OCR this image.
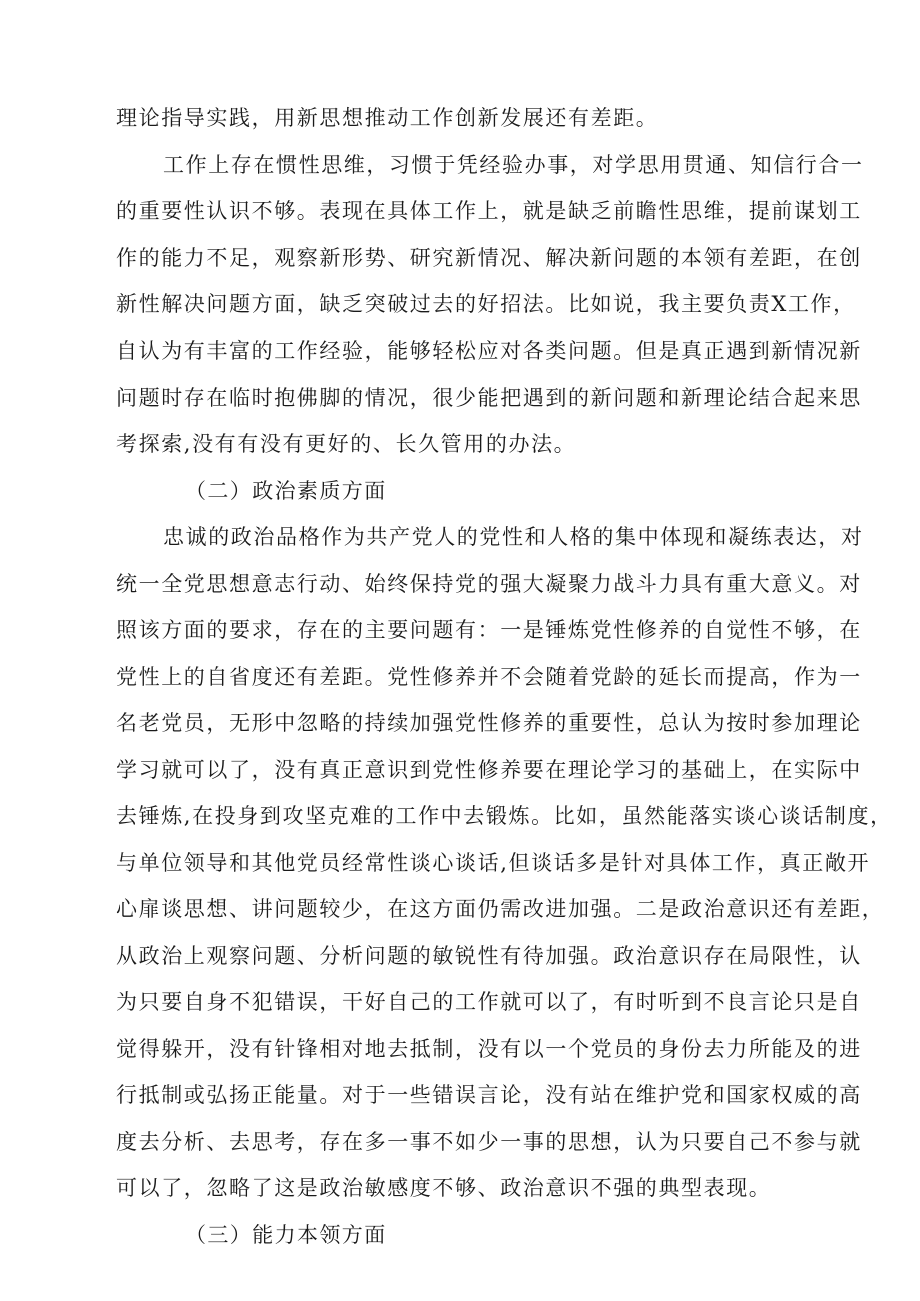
理论指导实践，用新思想推动工作创新发展还有差距。
工作上存在惯性思维，习惯于凭经验办事，对学思用贯通、知信行合一
的重要性认识不够。表现在具体工作上，就是缺乏前瞻性思维，提前谋划工
作的能力不足，观察新形势、研究新情况、解决新问题的本领有差距，在创
新性解决问题方面，缺乏突破过去的好招法。比如说，我主要负责X工作，
自认为有丰富的工作经验，能够轻松应对各类问题。但是真正遇到新情况新
问题时存在临时抱佛脚的情况，很少能把遇到的新问题和新理论结合起来思
考探索,没有有没有更好的、长久管用的办法。
（二）政治素质方面
忠诚的政治品格作为共产党人的党性和人格的集中体现和凝练表达，对
统一全党思想意志行动、始终保持党的强大凝聚力战斗力具有重大意义。对
照该方面的要求，存在的主要问题有：一是锤炼党性修养的自觉性不够，在
党性上的自省度还有差距。党性修养并不会随着党龄的延长而提高，作为一
名老党员，无形中忽略的持续加强党性修养的重要性，总认为按时参加理论
学习就可以了，没有真正意识到党性修养要在理论学习的基础上，在实际中
去锤炼,在投身到攻坚克难的工作中去锻炼。比如，虽然能落实谈心谈话制度，
与单位领导和其他党员经常性谈心谈话,但谈话多是针对具体工作，真正敞开
心扉谈思想、讲问题较少，在这方面仍需改进加强。二是政治意识还有差距，
从政治上观察问题、分析问题的敏锐性有待加强。政治意识存在局限性，认
为只要自身不犯错误，干好自己的工作就可以了，有时听到不良言论只是自
觉得躲开，没有针锋相对地去抵制，没有以一个党员的身份去力所能及的进
行抵制或弘扬正能量。对于一些错误言论，没有站在维护党和国家权威的高
度去分析、去思考，存在多一事不如少一事的思想，认为只要自己不参与就
可以了，忽略了这是政治敏感度不够、政治意识不强的典型表现。
（三）能力本领方面
